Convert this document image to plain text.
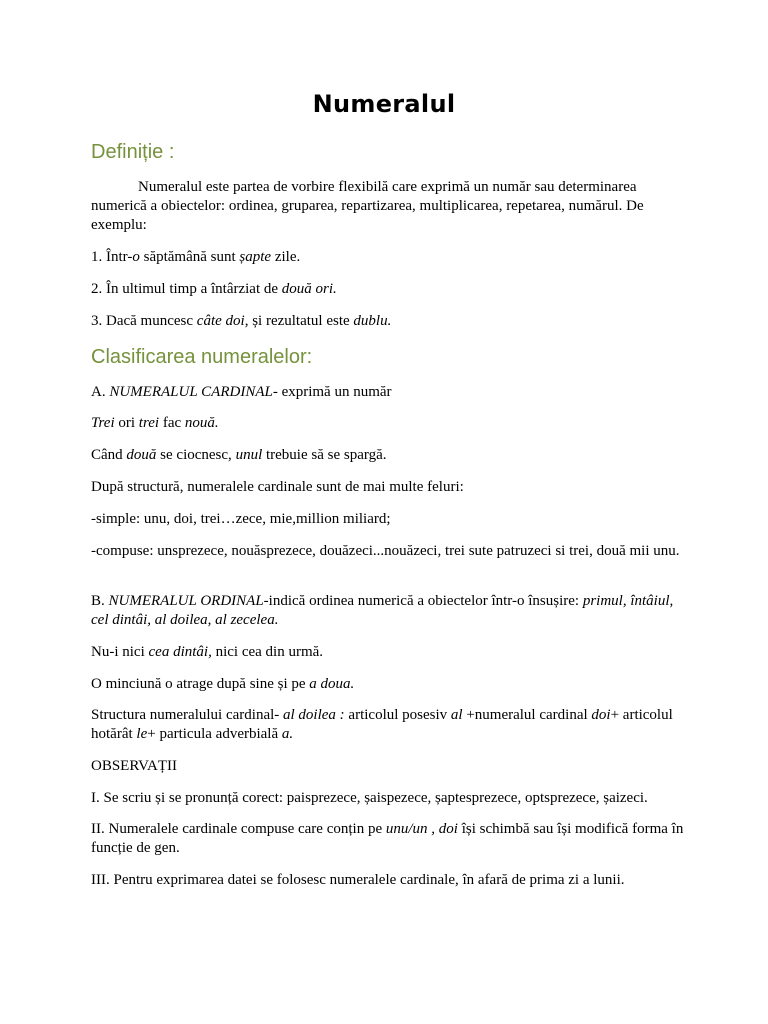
Numeralul
Definiție :

Numeralul este partea de vorbire flexibilă care exprimă un număr sau determinarea numerică a obiectelor: ordinea, gruparea, repartizarea, multiplicarea, repetarea, numărul. De exemplu:

1. Într-o săptămână sunt șapte zile.

2. În ultimul timp a întârziat de două ori.

3. Dacă muncesc câte doi, și rezultatul este dublu.

Clasificarea numeralelor:

A. NUMERALUL CARDINAL- exprimă un număr

Trei ori trei fac nouă.

Când două se ciocnesc, unul trebuie să se spargă.

După structură, numeralele cardinale sunt de mai multe feluri:

-simple: unu, doi, trei…zece, mie,million miliard;

-compuse: unsprezece, nouăsprezece, douăzeci...nouăzeci, trei sute patruzeci si trei, două mii unu.

B. NUMERALUL ORDINAL-indică ordinea numerică a obiectelor într-o însușire: primul, întâiul, cel dintâi, al doilea, al zecelea.

Nu-i nici cea dintâi, nici cea din urmă.

O minciună o atrage după sine și pe a doua.

Structura numeralului cardinal- al doilea : articolul posesiv al +numeralul cardinal doi+ articolul hotărât le+ particula adverbială a.

OBSERVAȚII

I. Se scriu și se pronunță corect: paisprezece, șaispezece, șaptesprezece, optsprezece, șaizeci.

II. Numeralele cardinale compuse care conțin pe unu/un , doi își schimbă sau își modifică forma în funcție de gen.

III. Pentru exprimarea datei se folosesc numeralele cardinale, în afară de prima zi a lunii.
